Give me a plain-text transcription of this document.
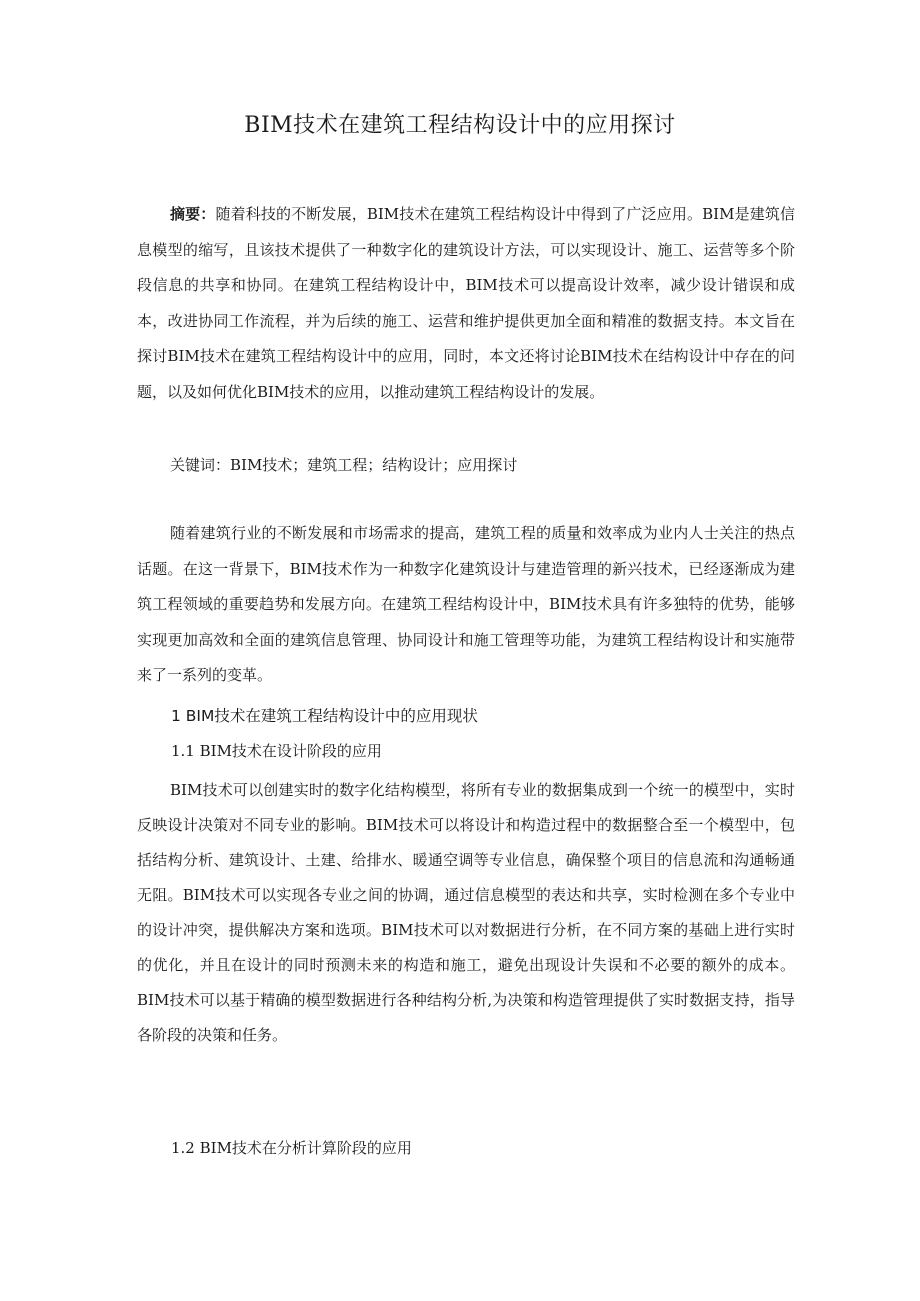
BIM技术在建筑工程结构设计中的应用探讨

摘要：随着科技的不断发展，BIM技术在建筑工程结构设计中得到了广泛应用。BIM是建筑信息模型的缩写，且该技术提供了一种数字化的建筑设计方法，可以实现设计、施工、运营等多个阶段信息的共享和协同。在建筑工程结构设计中，BIM技术可以提高设计效率，减少设计错误和成本，改进协同工作流程，并为后续的施工、运营和维护提供更加全面和精准的数据支持。本文旨在探讨BIM技术在建筑工程结构设计中的应用，同时，本文还将讨论BIM技术在结构设计中存在的问题，以及如何优化BIM技术的应用，以推动建筑工程结构设计的发展。

关键词：BIM技术；建筑工程；结构设计；应用探讨

随着建筑行业的不断发展和市场需求的提高，建筑工程的质量和效率成为业内人士关注的热点话题。在这一背景下，BIM技术作为一种数字化建筑设计与建造管理的新兴技术，已经逐渐成为建筑工程领域的重要趋势和发展方向。在建筑工程结构设计中，BIM技术具有许多独特的优势，能够实现更加高效和全面的建筑信息管理、协同设计和施工管理等功能，为建筑工程结构设计和实施带来了一系列的变革。

1 BIM技术在建筑工程结构设计中的应用现状
1.1 BIM技术在设计阶段的应用

BIM技术可以创建实时的数字化结构模型，将所有专业的数据集成到一个统一的模型中，实时反映设计决策对不同专业的影响。BIM技术可以将设计和构造过程中的数据整合至一个模型中，包括结构分析、建筑设计、土建、给排水、暖通空调等专业信息，确保整个项目的信息流和沟通畅通无阻。BIM技术可以实现各专业之间的协调，通过信息模型的表达和共享，实时检测在多个专业中的设计冲突，提供解决方案和选项。BIM技术可以对数据进行分析，在不同方案的基础上进行实时的优化，并且在设计的同时预测未来的构造和施工，避免出现设计失误和不必要的额外的成本。BIM技术可以基于精确的模型数据进行各种结构分析,为决策和构造管理提供了实时数据支持，指导各阶段的决策和任务。

1.2 BIM技术在分析计算阶段的应用
